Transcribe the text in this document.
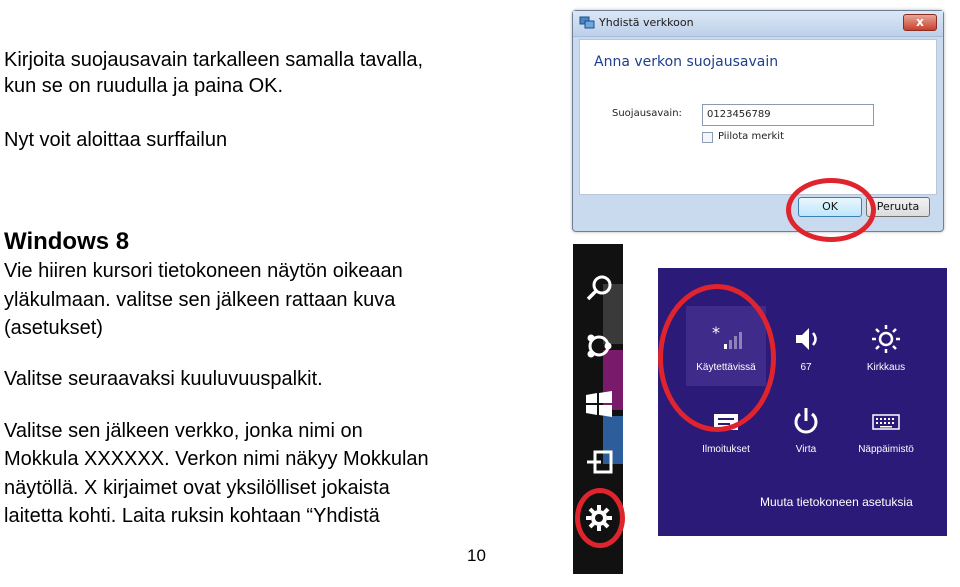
Kirjoita suojausavain tarkalleen samalla tavalla,
kun se on ruudulla ja paina OK.
Nyt voit aloittaa surffailun
Windows 8
Vie hiiren kursori tietokoneen näytön oikeaan
yläkulmaan. valitse sen jälkeen rattaan kuva
(asetukset)
Valitse seuraavaksi kuuluvuuspalkit.
Valitse sen jälkeen verkko, jonka nimi on
Mokkula XXXXXX. Verkon nimi näkyy Mokkulan
näytöllä. X kirjaimet ovat yksilölliset jokaista
laitetta kohti. Laita ruksin kohtaan “Yhdistä
10
Yhdistä verkkoon	x
Anna verkon suojausavain
Suojausavain:	0123456789
Piilota merkit
OK	Peruuta
*
Käytettävissä	67	Kirkkaus
Ilmoitukset	Virta	Näppäimistö
Muuta tietokoneen asetuksia
